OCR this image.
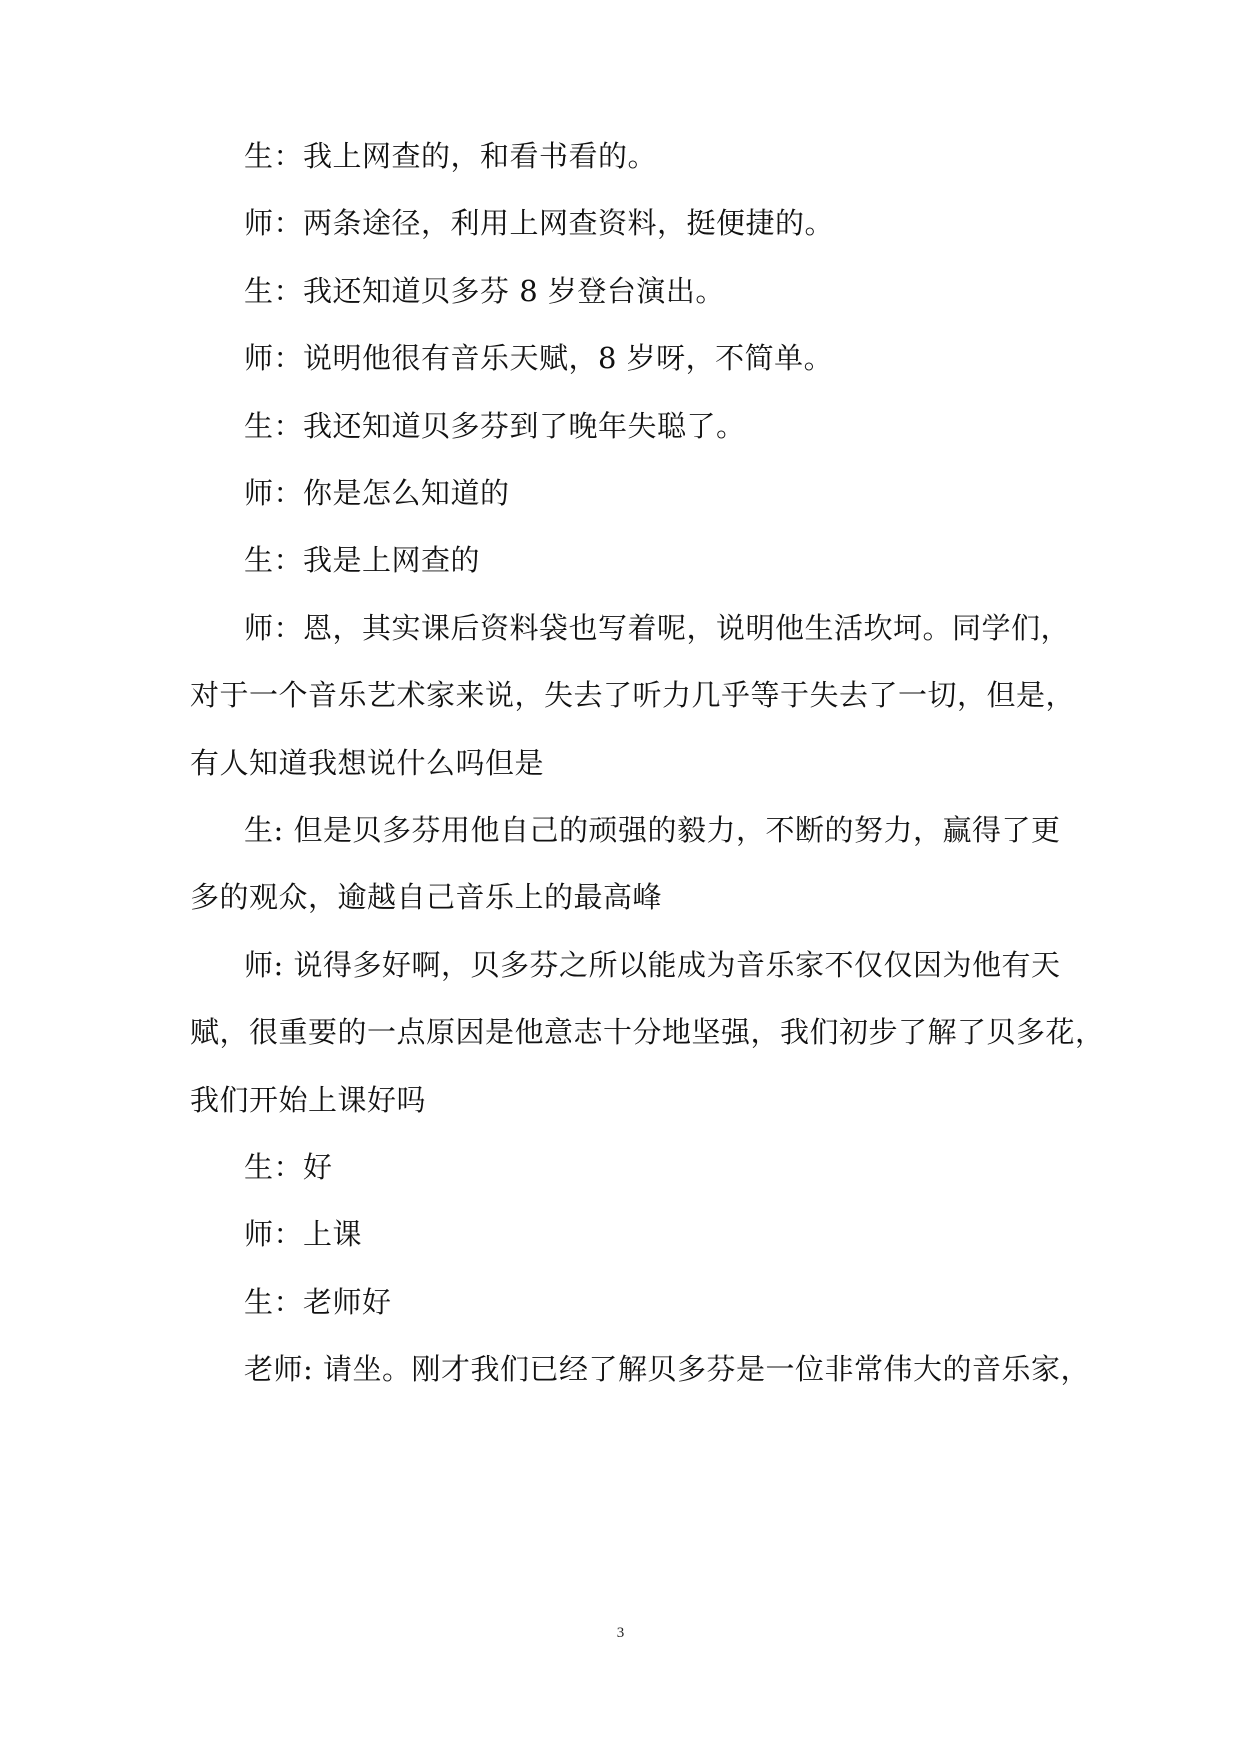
生：我上网查的，和看书看的。
师：两条途径，利用上网查资料，挺便捷的。
生：我还知道贝多芬 8 岁登台演出。
师：说明他很有音乐天赋，8 岁呀，不简单。
生：我还知道贝多芬到了晚年失聪了。
师：你是怎么知道的
生：我是上网查的
师：恩，其实课后资料袋也写着呢，说明他生活坎坷。同学们，
对于一个音乐艺术家来说，失去了听力几乎等于失去了一切，但是，
有人知道我想说什么吗但是
生: 但是贝多芬用他自己的顽强的毅力，不断的努力，赢得了更
多的观众，逾越自己音乐上的最高峰
师: 说得多好啊，贝多芬之所以能成为音乐家不仅仅因为他有天
赋，很重要的一点原因是他意志十分地坚强，我们初步了解了贝多花，
我们开始上课好吗
生：好
师：上课
生：老师好
老师: 请坐。刚才我们已经了解贝多芬是一位非常伟大的音乐家，
3
